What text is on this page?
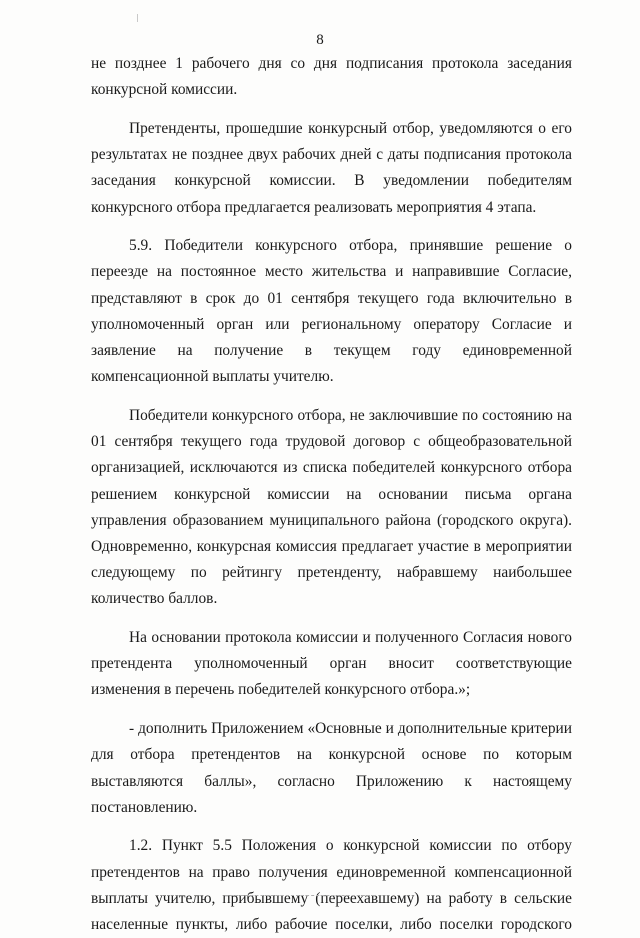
8

не позднее 1 рабочего дня со дня подписания протокола заседания конкурсной комиссии.

Претенденты, прошедшие конкурсный отбор, уведомляются о его результатах не позднее двух рабочих дней с даты подписания протокола заседания конкурсной комиссии. В уведомлении победителям конкурсного отбора предлагается реализовать мероприятия 4 этапа.

5.9. Победители конкурсного отбора, принявшие решение о переезде на постоянное место жительства и направившие Согласие, представляют в срок до 01 сентября текущего года включительно в уполномоченный орган или региональному оператору Согласие и заявление на получение в текущем году единовременной компенсационной выплаты учителю.

Победители конкурсного отбора, не заключившие по состоянию на 01 сентября текущего года трудовой договор с общеобразовательной организацией, исключаются из списка победителей конкурсного отбора решением конкурсной комиссии на основании письма органа управления образованием муниципального района (городского округа). Одновременно, конкурсная комиссия предлагает участие в мероприятии следующему по рейтингу претенденту, набравшему наибольшее количество баллов.

На основании протокола комиссии и полученного Согласия нового претендента уполномоченный орган вносит соответствующие изменения в перечень победителей конкурсного отбора.»;

- дополнить Приложением «Основные и дополнительные критерии для отбора претендентов на конкурсной основе по которым выставляются баллы», согласно Приложению к настоящему постановлению.

1.2. Пункт 5.5 Положения о конкурсной комиссии по отбору претендентов на право получения единовременной компенсационной выплаты учителю, прибывшему (переехавшему) на работу в сельские населенные пункты, либо рабочие поселки, либо поселки городского
